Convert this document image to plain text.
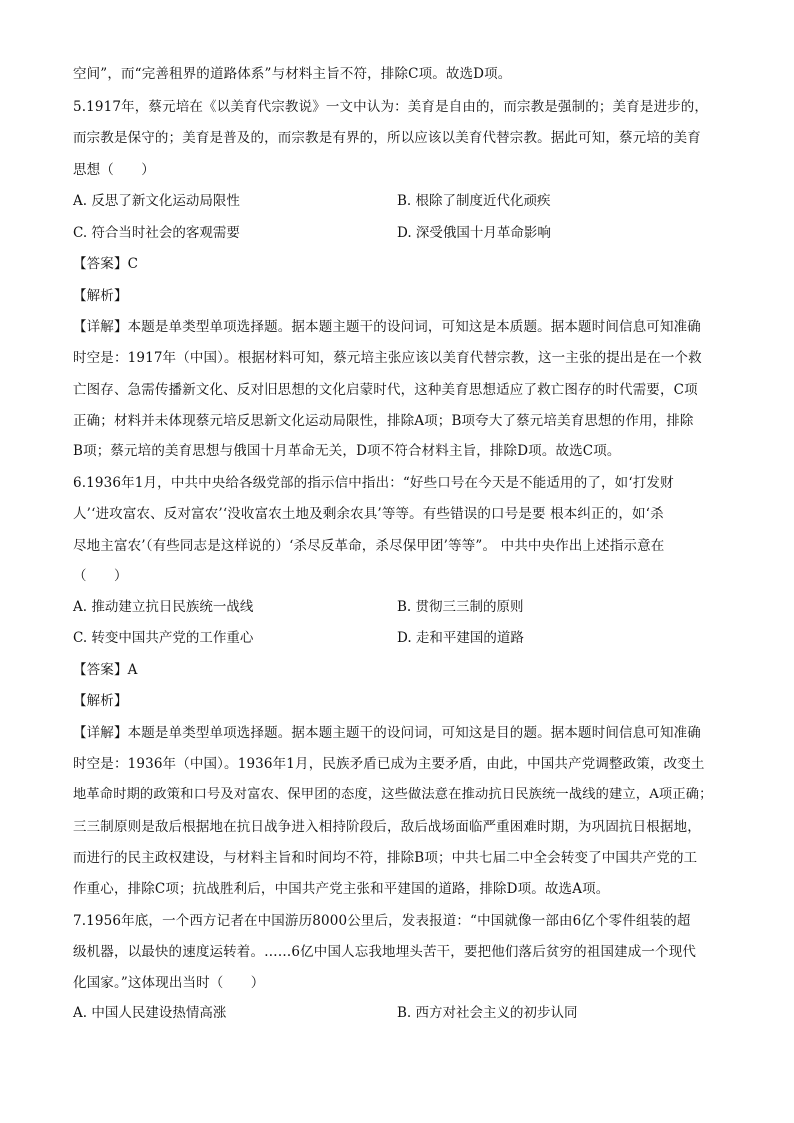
空间”，而“完善租界的道路体系”与材料主旨不符，排除C项。故选D项。
5.1917年，蔡元培在《以美育代宗教说》一文中认为：美育是自由的，而宗教是强制的；美育是进步的，
而宗教是保守的；美育是普及的，而宗教是有界的，所以应该以美育代替宗教。据此可知，蔡元培的美育
思想（　　）
A. 反思了新文化运动局限性	B. 根除了制度近代化顽疾
C. 符合当时社会的客观需要	D. 深受俄国十月革命影响
【答案】C
【解析】
【详解】本题是单类型单项选择题。据本题主题干的设问词，可知这是本质题。据本题时间信息可知准确
时空是：1917年（中国）。根据材料可知，蔡元培主张应该以美育代替宗教，这一主张的提出是在一个救
亡图存、急需传播新文化、反对旧思想的文化启蒙时代，这种美育思想适应了救亡图存的时代需要，C项
正确；材料并未体现蔡元培反思新文化运动局限性，排除A项；B项夸大了蔡元培美育思想的作用，排除
B项；蔡元培的美育思想与俄国十月革命无关，D项不符合材料主旨，排除D项。故选C项。
6.1936年1月，中共中央给各级党部的指示信中指出：“好些口号在今天是不能适用的了，如‘打发财
人’‘进攻富农、反对富农’‘没收富农土地及剩余农具’等等。有些错误的口号是要 根本纠正的，如‘杀
尽地主富农’（有些同志是这样说的）‘杀尽反革命，杀尽保甲团’等等”。 中共中央作出上述指示意在
（　　）
A. 推动建立抗日民族统一战线	B. 贯彻三三制的原则
C. 转变中国共产党的工作重心	D. 走和平建国的道路
【答案】A
【解析】
【详解】本题是单类型单项选择题。据本题主题干的设问词，可知这是目的题。据本题时间信息可知准确
时空是：1936年（中国）。1936年1月，民族矛盾已成为主要矛盾，由此，中国共产党调整政策，改变土
地革命时期的政策和口号及对富农、保甲团的态度，这些做法意在推动抗日民族统一战线的建立，A项正确；
三三制原则是敌后根据地在抗日战争进入相持阶段后，敌后战场面临严重困难时期，为巩固抗日根据地，
而进行的民主政权建设，与材料主旨和时间均不符，排除B项；中共七届二中全会转变了中国共产党的工
作重心，排除C项；抗战胜利后，中国共产党主张和平建国的道路，排除D项。故选A项。
7.1956年底，一个西方记者在中国游历8000公里后，发表报道：“中国就像一部由6亿个零件组装的超
级机器，以最快的速度运转着。……6亿中国人忘我地埋头苦干，要把他们落后贫穷的祖国建成一个现代
化国家。”这体现出当时（　　）
A. 中国人民建设热情高涨	B. 西方对社会主义的初步认同
